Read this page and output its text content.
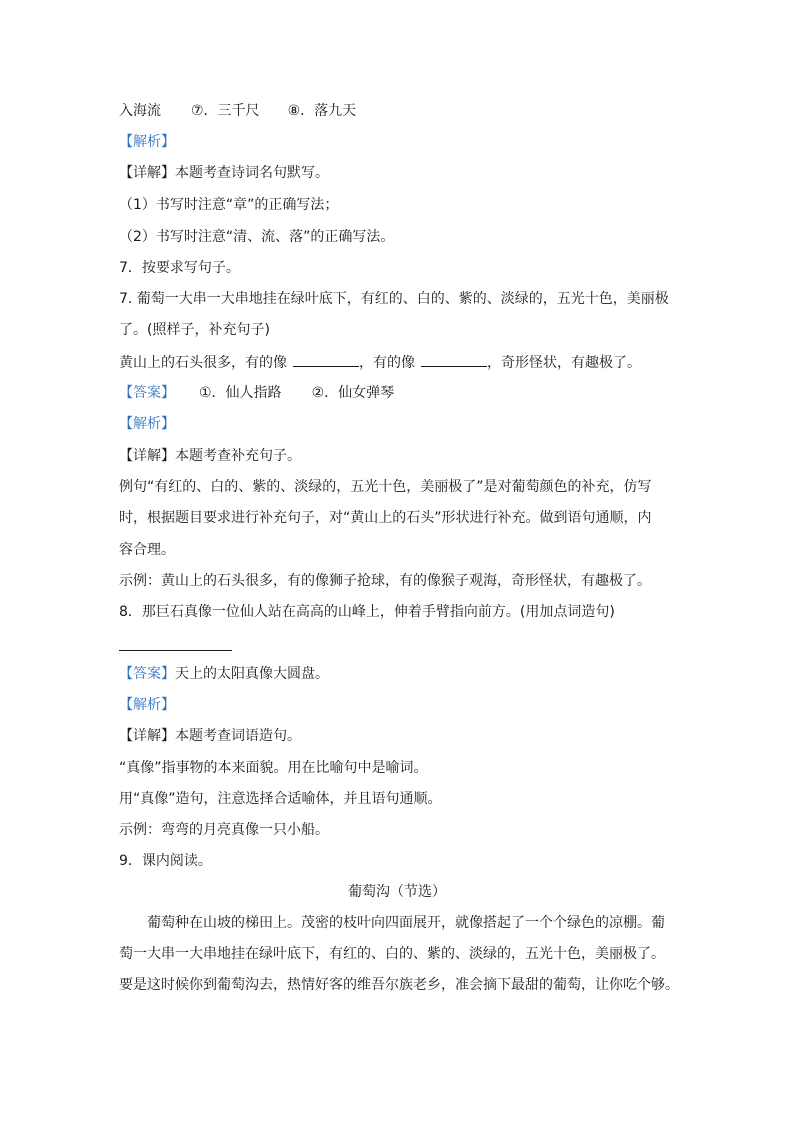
入海流 ⑦．三千尺 ⑧．落九天
【解析】
【详解】本题考查诗词名句默写。
（1）书写时注意“章”的正确写法；
（2）书写时注意“清、流、落”的正确写法。
7．按要求写句子。
7. 葡萄一大串一大串地挂在绿叶底下，有红的、白的、紫的、淡绿的，五光十色，美丽极
了。(照样子，补充句子)
黄山上的石头很多，有的像	，有的像	，奇形怪状，有趣极了。
【答案】 ①．仙人指路 ②．仙女弹琴
【解析】
【详解】本题考查补充句子。
例句“有红的、白的、紫的、淡绿的，五光十色，美丽极了”是对葡萄颜色的补充，仿写
时，根据题目要求进行补充句子，对“黄山上的石头”形状进行补充。做到语句通顺，内
容合理。
示例：黄山上的石头很多，有的像狮子抢球，有的像猴子观海，奇形怪状，有趣极了。
8．那巨石真像一位仙人站在高高的山峰上，伸着手臂指向前方。(用加点词造句)
【答案】天上的太阳真像大圆盘。
【解析】
【详解】本题考查词语造句。
“真像”指事物的本来面貌。用在比喻句中是喻词。
用“真像”造句，注意选择合适喻体，并且语句通顺。
示例：弯弯的月亮真像一只小船。
9．课内阅读。
葡萄沟（节选）
葡萄种在山坡的梯田上。茂密的枝叶向四面展开，就像搭起了一个个绿色的凉棚。葡
萄一大串一大串地挂在绿叶底下，有红的、白的、紫的、淡绿的，五光十色，美丽极了。
要是这时候你到葡萄沟去，热情好客的维吾尔族老乡，准会摘下最甜的葡萄，让你吃个够。
